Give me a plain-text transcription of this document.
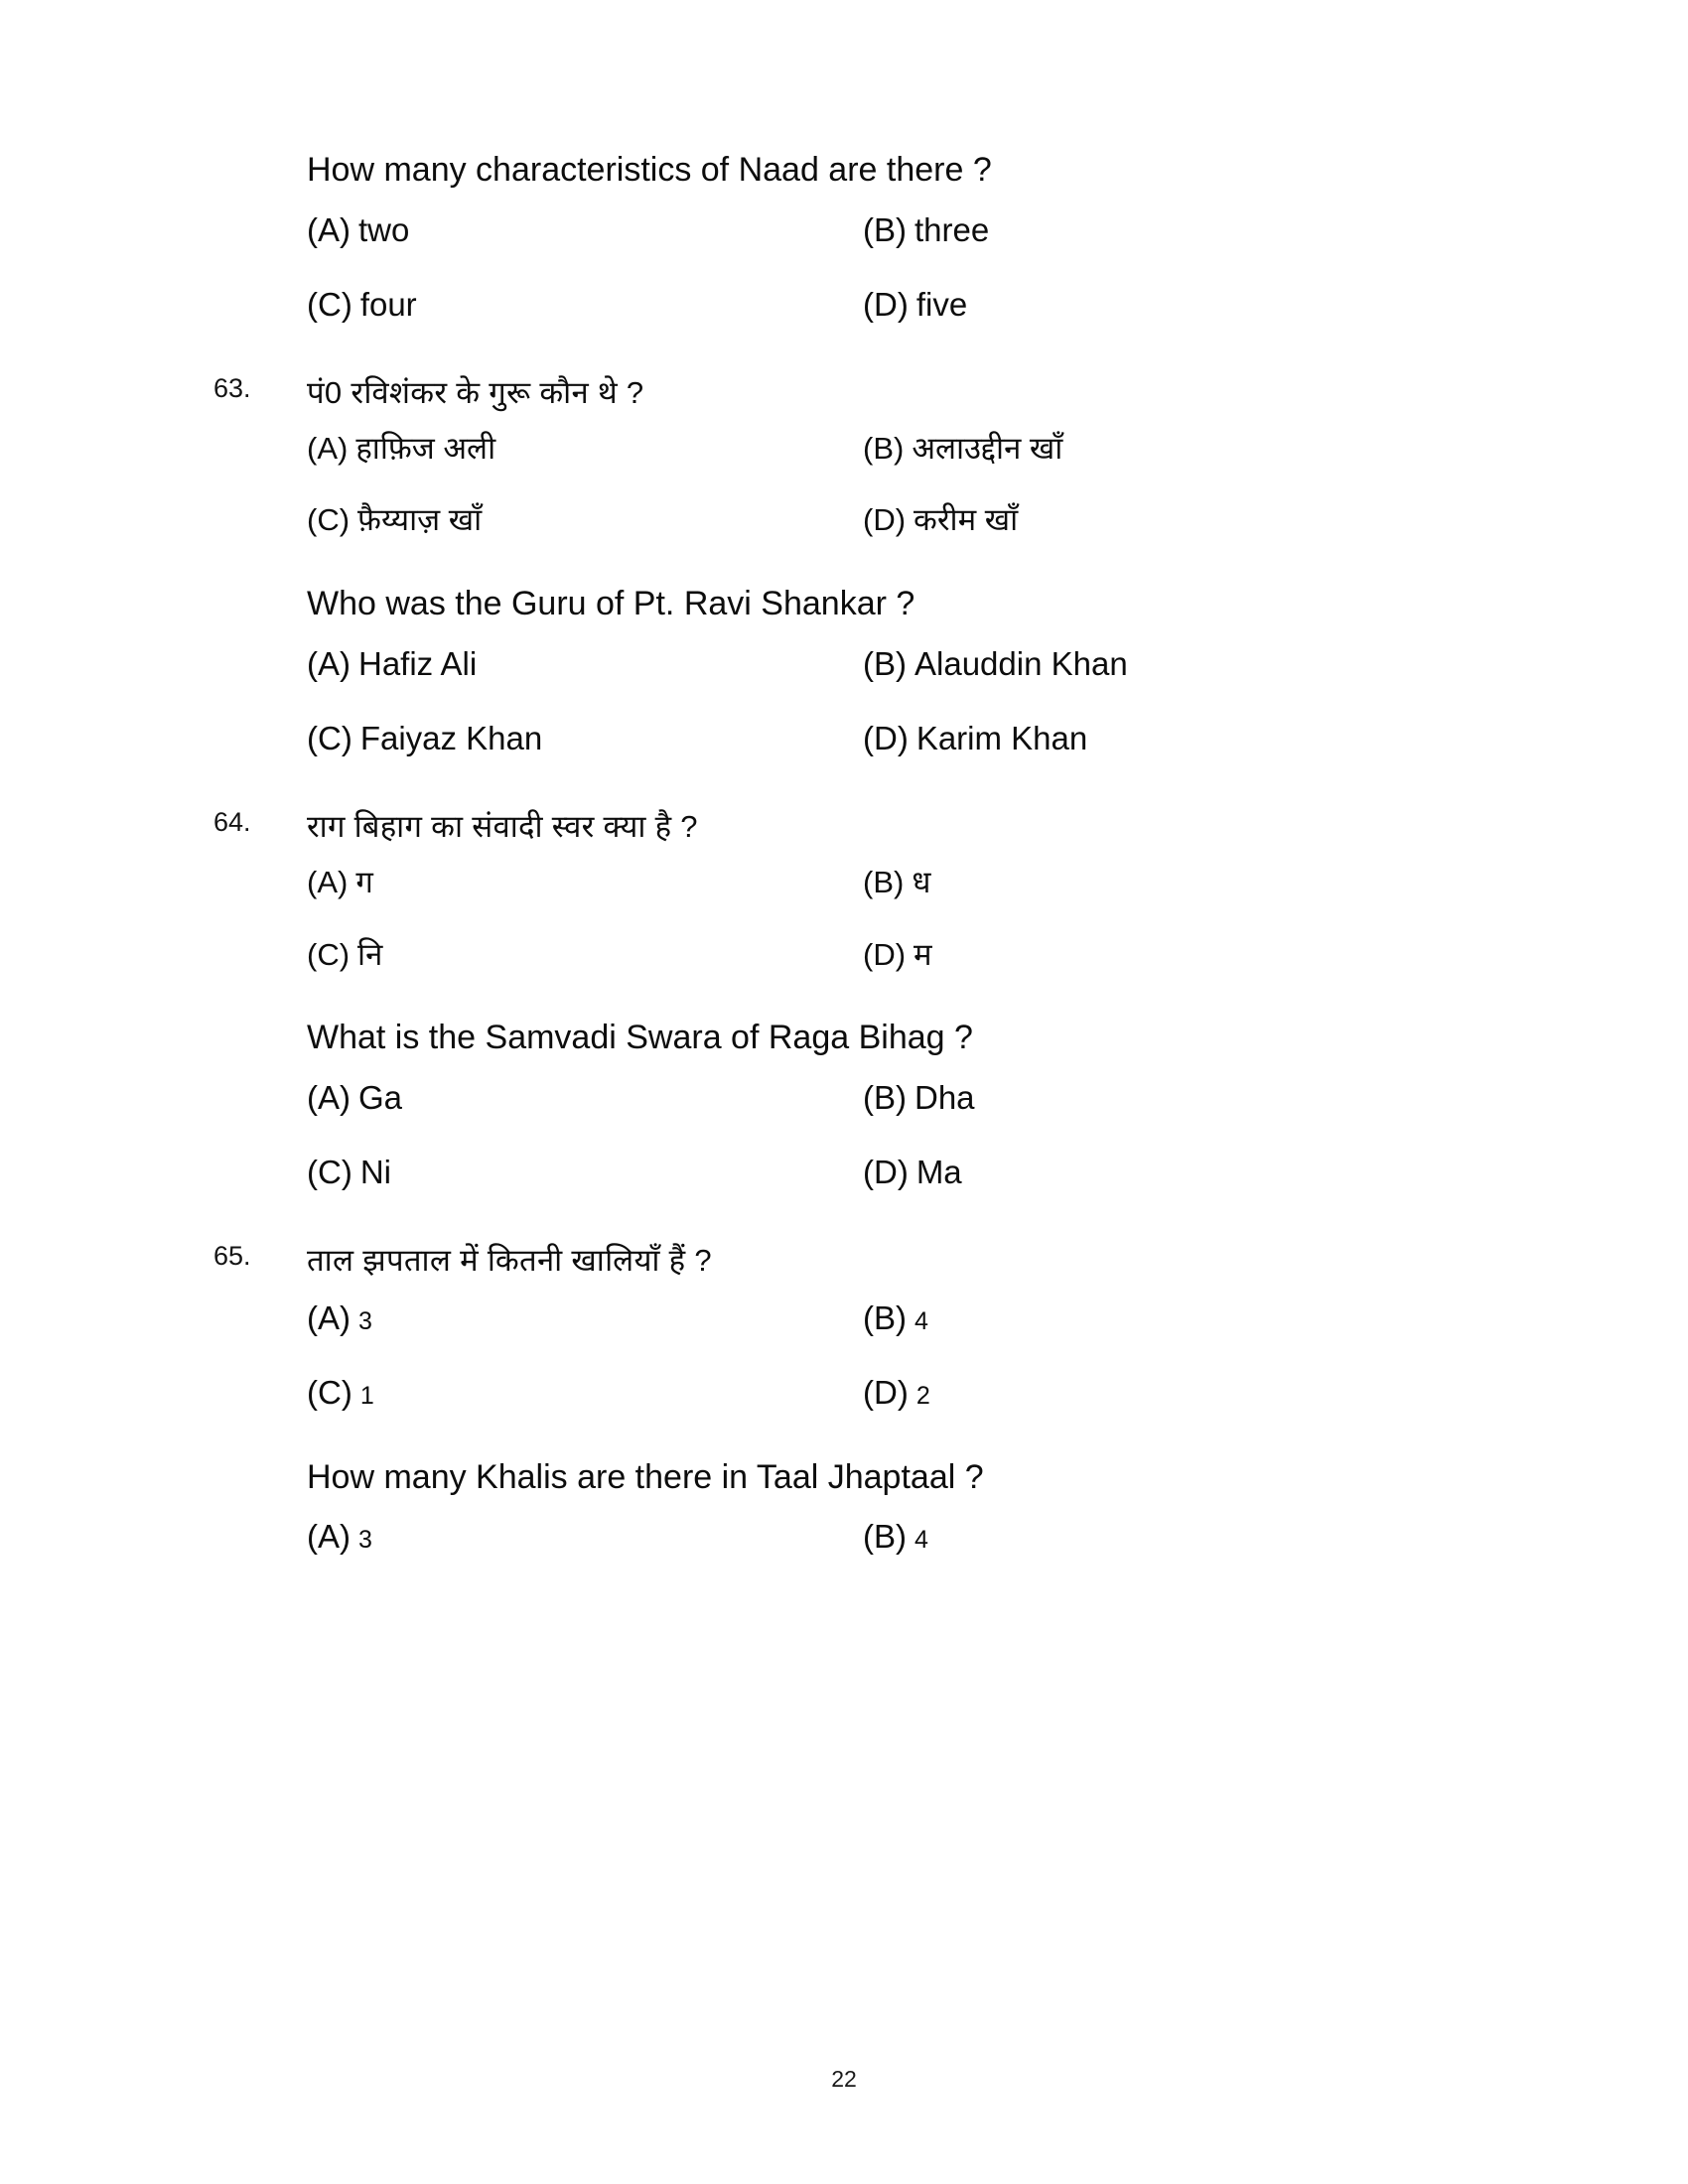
How many characteristics of Naad are there ?
(A) two	(B) three
(C) four	(D) five
63.	पं0 रविशंकर के गुरू कौन थे ?
(A) हाफ़िज अली	(B) अलाउद्दीन खाँ
(C) फ़ैय्याज़ खाँ	(D) करीम खाँ
Who was the Guru of Pt. Ravi Shankar ?
(A) Hafiz Ali	(B) Alauddin Khan
(C) Faiyaz Khan	(D) Karim Khan
64.	राग बिहाग का संवादी स्वर क्या है ?
(A) ग	(B) ध
(C) नि	(D) म
What is the Samvadi Swara of Raga Bihag ?
(A) Ga	(B) Dha
(C) Ni	(D) Ma
65.	ताल झपताल में कितनी खालियाँ हैं ?
(A) 3	(B) 4
(C) 1	(D) 2
How many Khalis are there in Taal Jhaptaal ?
(A) 3	(B) 4
22
